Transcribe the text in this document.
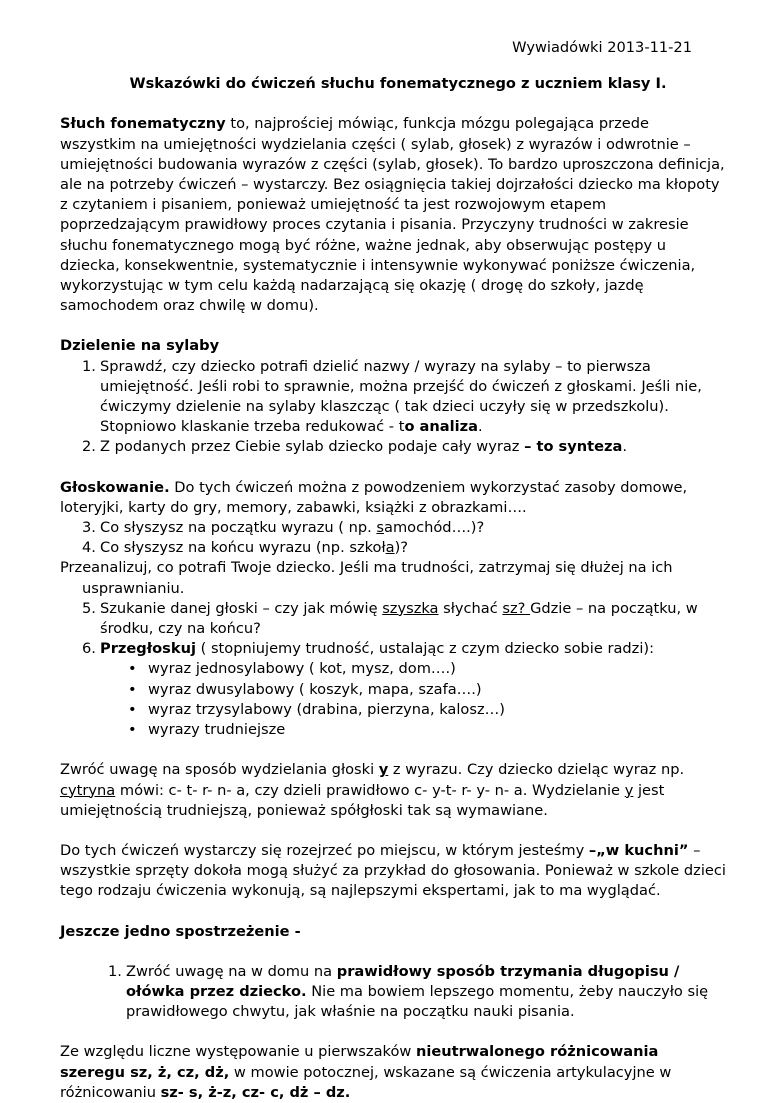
Wywiadówki 2013-11-21
Wskazówki do ćwiczeń słuchu fonematycznego z uczniem klasy I.
Słuch fonematyczny to, najprościej mówiąc, funkcja mózgu polegająca przede wszystkim na umiejętności wydzielania części ( sylab, głosek) z wyrazów i odwrotnie – umiejętności budowania wyrazów z części (sylab, głosek). To bardzo uproszczona definicja, ale na potrzeby ćwiczeń – wystarczy. Bez osiągnięcia takiej dojrzałości dziecko ma kłopoty z czytaniem i pisaniem, ponieważ umiejętność ta jest rozwojowym etapem poprzedzającym prawidłowy proces czytania i pisania. Przyczyny trudności w zakresie słuchu fonematycznego mogą być różne, ważne jednak, aby obserwując postępy u dziecka, konsekwentnie, systematycznie i intensywnie wykonywać poniższe ćwiczenia, wykorzystując w tym celu każdą nadarzającą się okazję ( drogę do szkoły, jazdę samochodem oraz chwilę w domu).
Dzielenie na sylaby
1. Sprawdź, czy dziecko potrafi dzielić nazwy / wyrazy na sylaby – to pierwsza umiejętność. Jeśli robi to sprawnie, można przejść do ćwiczeń z głoskami. Jeśli nie, ćwiczymy dzielenie na sylaby klaszcząc ( tak dzieci uczyły się w przedszkolu). Stopniowo klaskanie trzeba redukować - to analiza.
2. Z podanych przez Ciebie sylab dziecko podaje cały wyraz – to synteza.
Głoskowanie. Do tych ćwiczeń można z powodzeniem wykorzystać zasoby domowe, loteryjki, karty do gry, memory, zabawki, książki z obrazkami….
3. Co słyszysz na początku wyrazu ( np. samochód….)?
4. Co słyszysz na końcu wyrazu (np. szkoła)?
Przeanalizuj, co potrafi Twoje dziecko. Jeśli ma trudności, zatrzymaj się dłużej na ich
usprawnianiu.
5. Szukanie danej głoski – czy jak mówię szyszka słychać sz? Gdzie – na początku, w środku, czy na końcu?
6. Przegłoskuj ( stopniujemy trudność, ustalając z czym dziecko sobie radzi):
• wyraz jednosylabowy ( kot, mysz, dom….)
• wyraz dwusylabowy ( koszyk, mapa, szafa….)
• wyraz trzysylabowy (drabina, pierzyna, kalosz…)
• wyrazy trudniejsze
Zwróć uwagę na sposób wydzielania głoski y z wyrazu. Czy dziecko dzieląc wyraz np. cytryna mówi: c- t- r- n- a, czy dzieli prawidłowo c- y-t- r- y- n- a. Wydzielanie y jest umiejętnością trudniejszą, ponieważ spółgłoski tak są wymawiane.
Do tych ćwiczeń wystarczy się rozejrzeć po miejscu, w którym jesteśmy –„w kuchni” – wszystkie sprzęty dokoła mogą służyć za przykład do głosowania. Ponieważ w szkole dzieci tego rodzaju ćwiczenia wykonują, są najlepszymi ekspertami, jak to ma wyglądać.
Jeszcze jedno spostrzeżenie -
1. Zwróć uwagę na w domu na prawidłowy sposób trzymania długopisu / ołówka przez dziecko. Nie ma bowiem lepszego momentu, żeby nauczyło się prawidłowego chwytu, jak właśnie na początku nauki pisania.
Ze względu liczne występowanie u pierwszaków nieutrwalonego różnicowania szeregu sz, ż, cz, dż, w mowie potocznej, wskazane są ćwiczenia artykulacyjne w różnicowaniu sz- s, ż-z, cz- c, dż – dz.
